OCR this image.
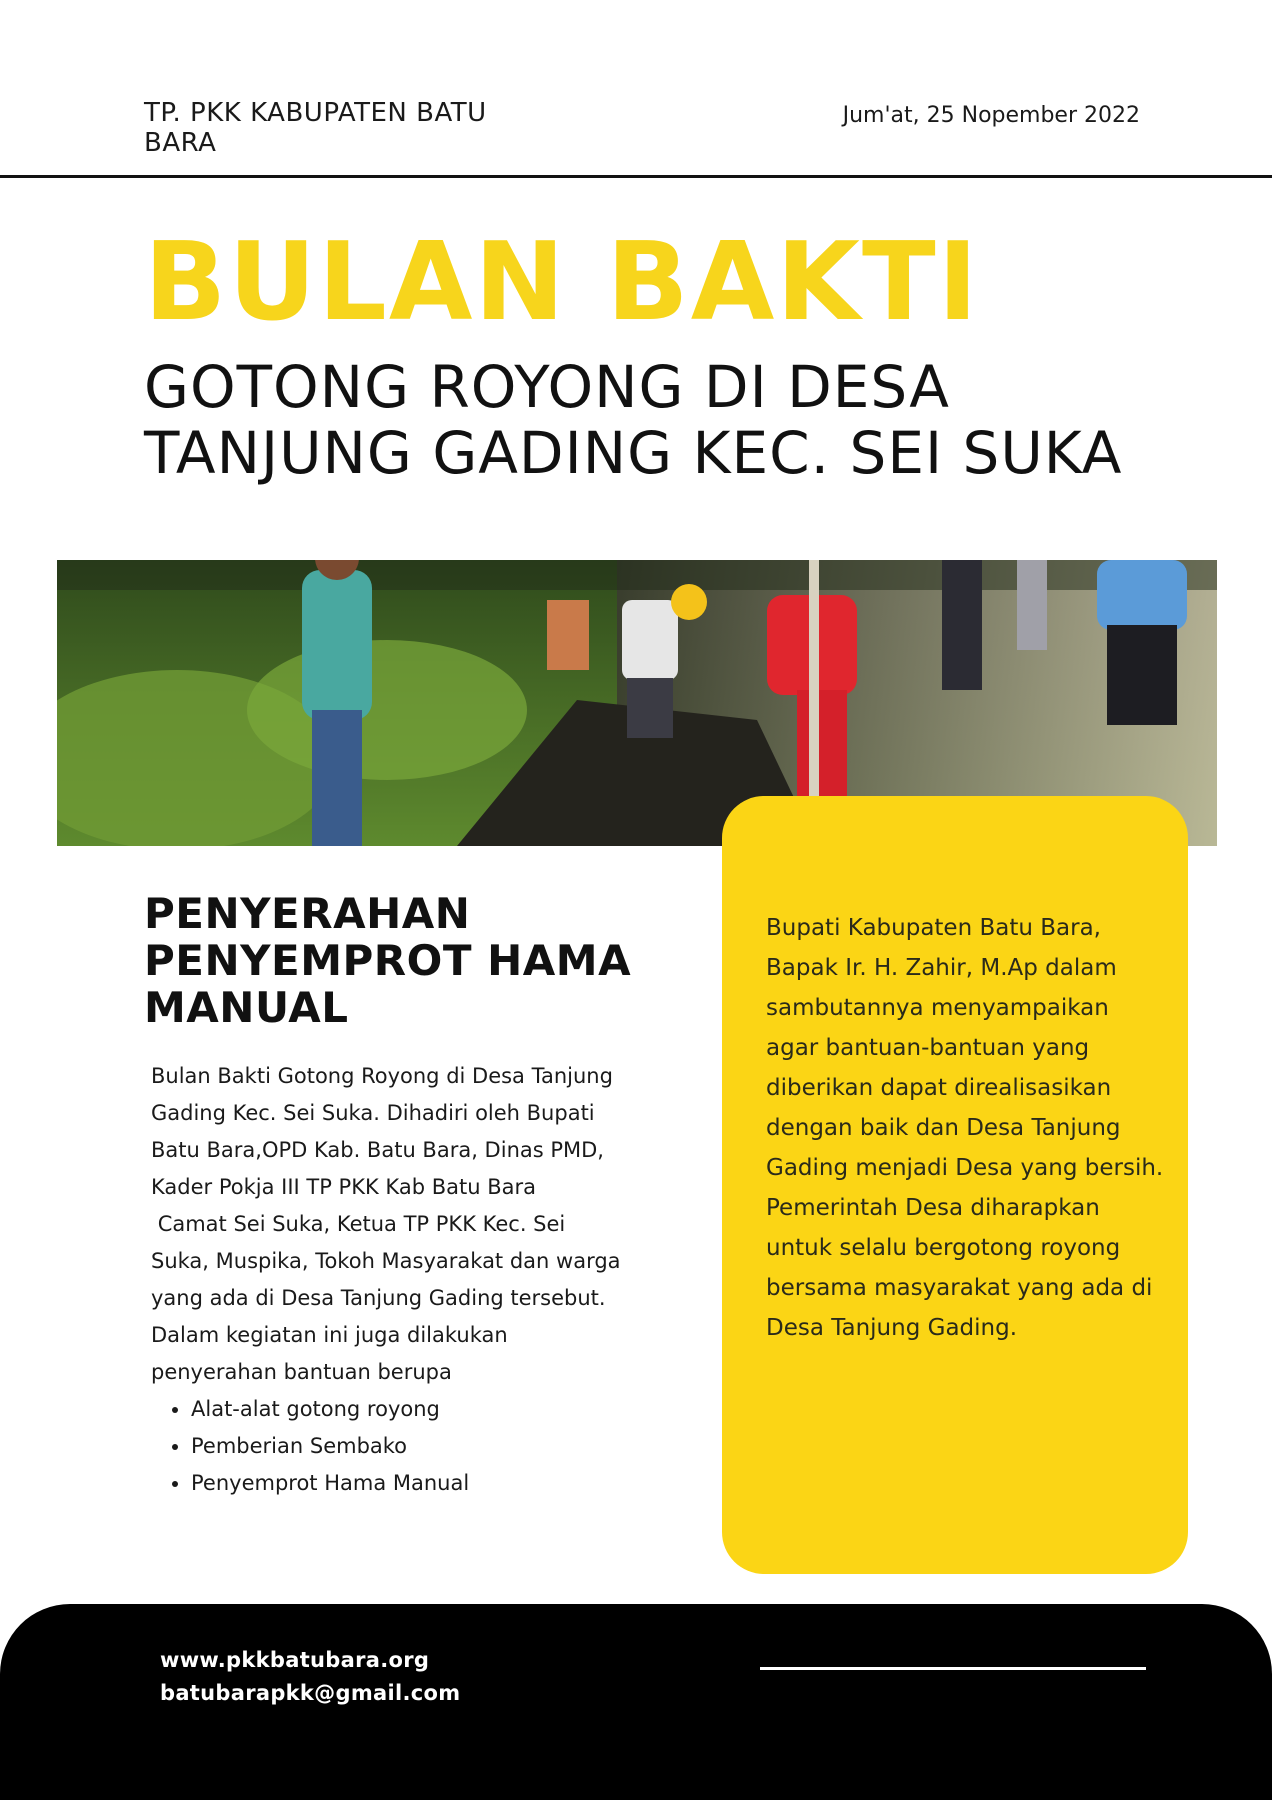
TP. PKK KABUPATEN BATU BARA
Jum'at, 25 Nopember 2022
BULAN BAKTI
GOTONG ROYONG DI DESA TANJUNG GADING KEC. SEI SUKA
PENYERAHAN PENYEMPROT HAMA MANUAL

Bulan Bakti Gotong Royong di Desa Tanjung Gading Kec. Sei Suka. Dihadiri oleh Bupati Batu Bara,OPD Kab. Batu Bara, Dinas PMD, Kader Pokja III TP PKK Kab Batu Bara

Camat Sei Suka, Ketua TP PKK Kec. Sei Suka, Muspika, Tokoh Masyarakat dan warga yang ada di Desa Tanjung Gading tersebut.

Dalam kegiatan ini juga dilakukan penyerahan bantuan berupa

• Alat-alat gotong royong
• Pemberian Sembako
• Penyemprot Hama Manual
Bupati Kabupaten Batu Bara, Bapak Ir. H. Zahir, M.Ap dalam sambutannya menyampaikan agar bantuan-bantuan yang diberikan dapat direalisasikan dengan baik dan Desa Tanjung Gading menjadi Desa yang bersih. Pemerintah Desa diharapkan untuk selalu bergotong royong bersama masyarakat yang ada di Desa Tanjung Gading.
www.pkkbatubara.org
batubarapkk@gmail.com
